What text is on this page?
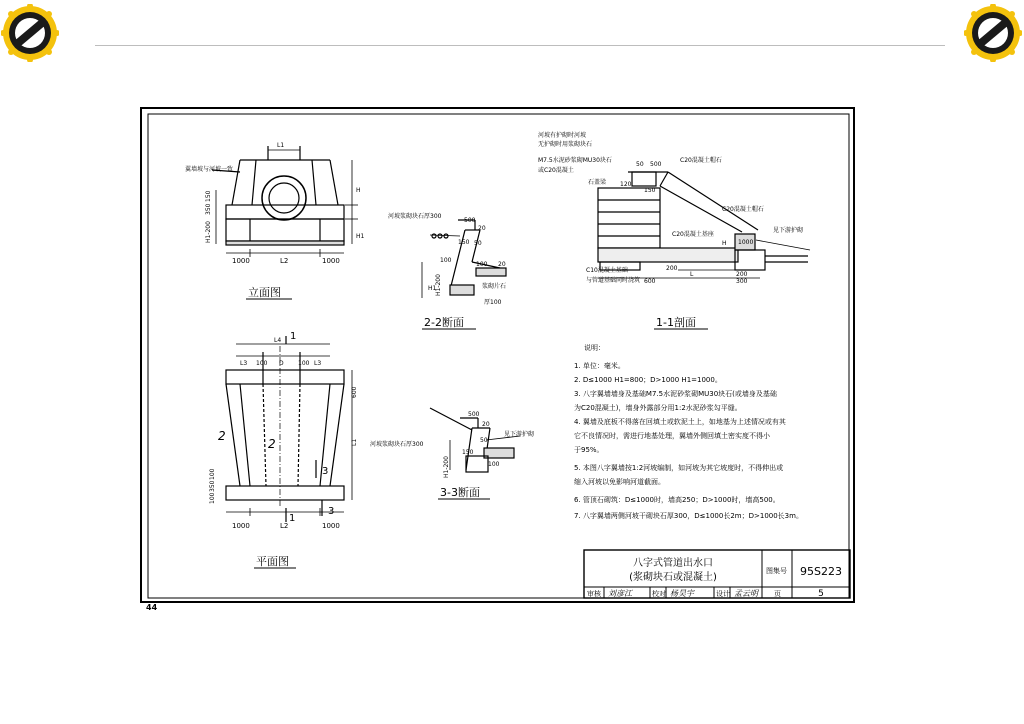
翼墙坡与河坡一致
1000	L2	1000
H
H1
H1-200
350
150
L1
立面图
河坡浆砌块石厚300
浆砌片石
500
20
50
100
150
100 20
H1
H1-200
厚100
2-2断面
河坡有护砌时河坡
无护砌时用浆砌块石
M7.5水泥砂浆砌MU30块石
或C20混凝土
石盖梁
C20混凝土帽石
C20混凝土帽石
C20混凝土基座
见下游护砌
C10混凝土基础
与管道基础同时浇筑
50 500
120
150
H
L
200
200
600	300
1000
1-1剖面
1
1
2
2
3
3
L4
L3 100 D 100 L3
1000	L2	1000
600
L1
100
350
100
平面图
河坡浆砌块石厚300
见下游护砌
500
20
50
H1-200
150
100
3-3断面
说明：
1. 单位：毫米。
2. D≤1000 H1=800；D>1000 H1=1000。
3. 八字翼墙墙身及基础M7.5水泥砂浆砌MU30块石(或墙身及基础
为C20混凝土)，墙身外露部分用1:2水泥砂浆勾平缝。
4. 翼墙及底板不得落在回填土或软泥土上，如地基为上述情况或有其
它不良情况时，需进行地基处理，翼墙外侧回填土密实度不得小
于95%。
5. 本图八字翼墙按1:2河坡编制，如河坡为其它坡度时，不得伸出或
缩入河坡以免影响河道截面。
6. 管顶石砌筑：D≤1000时，墙高250；D>1000时，墙高500。
7. 八字翼墙两侧河坡干砌块石厚300，D≤1000长2m；D>1000长3m。
八字式管道出水口
(浆砌块石或混凝土)
图集号 95S223
页	5
审核 刘彦江	校对 杨昊宇	设计 孟云明
44
